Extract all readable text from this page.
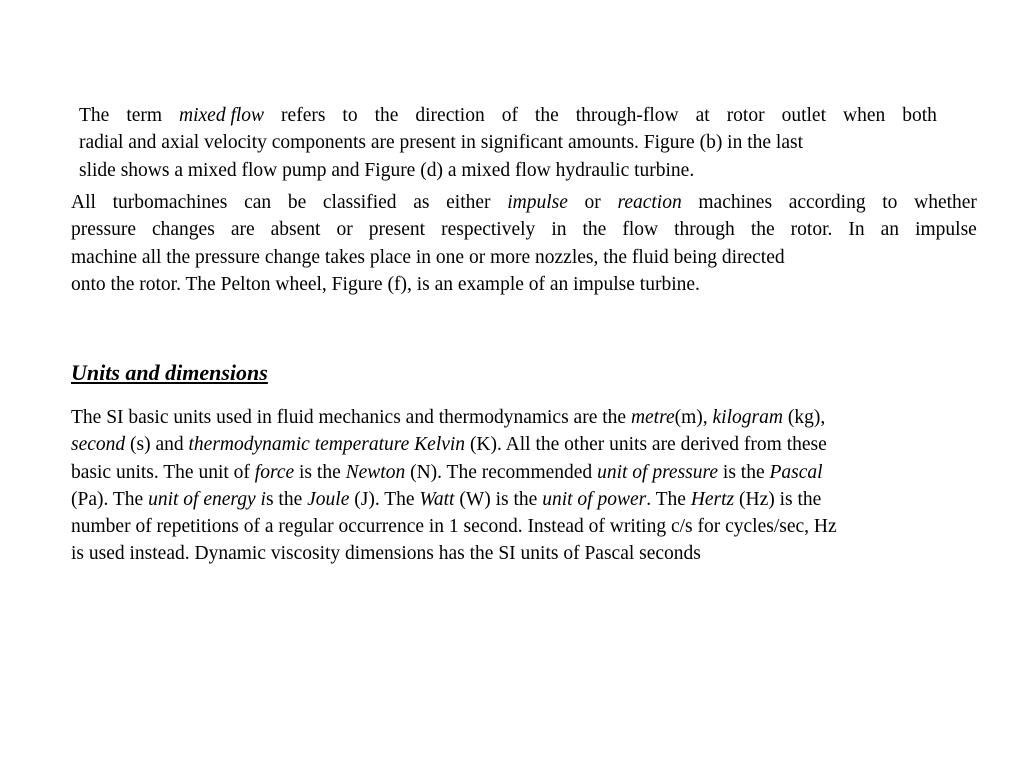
The term mixed flow refers to the direction of the through-flow at rotor outlet when both
radial and axial velocity components are present in significant amounts. Figure (b) in the last
slide shows a mixed flow pump and Figure (d) a mixed flow hydraulic turbine.
All turbomachines can be classified as either impulse or reaction machines according to whether
pressure changes are absent or present respectively in the flow through the rotor. In an impulse
machine all the pressure change takes place in one or more nozzles, the fluid being directed
onto the rotor. The Pelton wheel, Figure (f), is an example of an impulse turbine.
Units and dimensions
The SI basic units used in fluid mechanics and thermodynamics are the metre(m), kilogram (kg),
second (s) and thermodynamic temperature Kelvin (K). All the other units are derived from these
basic units. The unit of force is the Newton (N). The recommended unit of pressure is the Pascal
(Pa). The unit of energy is the Joule (J). The Watt (W) is the unit of power. The Hertz (Hz) is the
number of repetitions of a regular occurrence in 1 second. Instead of writing c/s for cycles/sec, Hz
is used instead. Dynamic viscosity dimensions has the SI units of Pascal seconds
